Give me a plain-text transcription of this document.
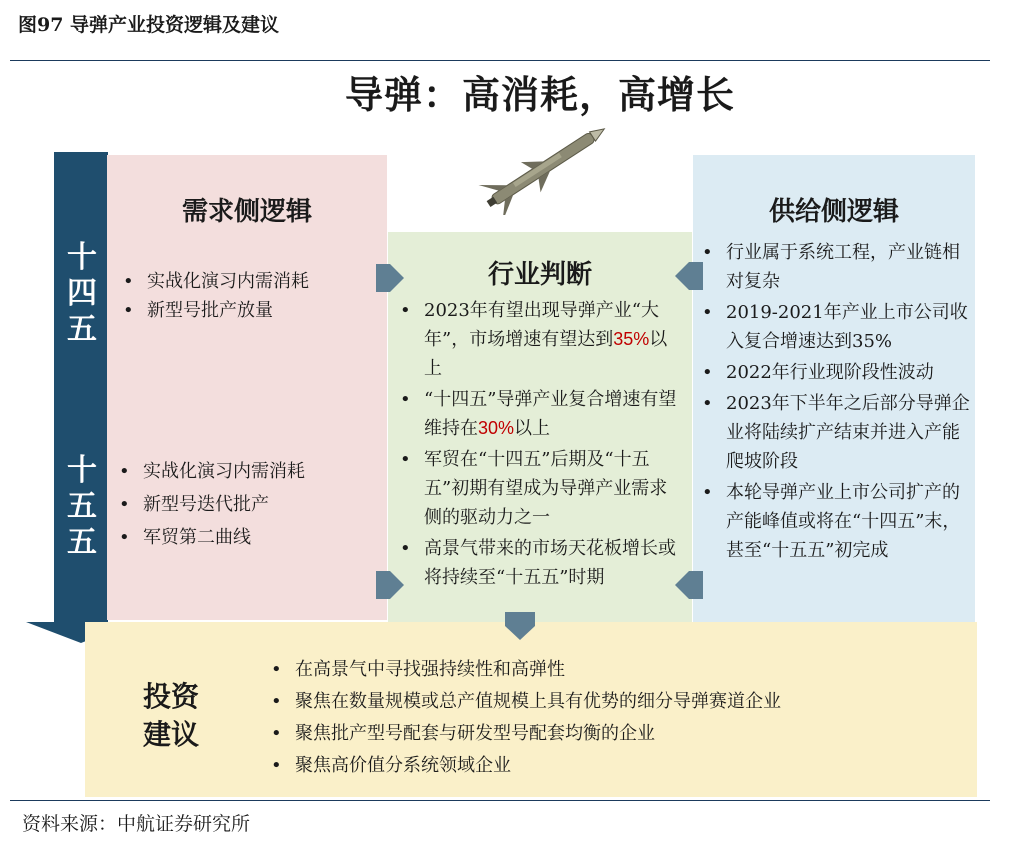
图97 导弹产业投资逻辑及建议
导弹：高消耗，高增长
十
四
五
十
五
五
需求侧逻辑
• 实战化演习内需消耗
• 新型号批产放量
• 实战化演习内需消耗
• 新型号迭代批产
• 军贸第二曲线
供给侧逻辑
• 行业属于系统工程，产业链相对复杂
• 2019-2021年产业上市公司收入复合增速达到35%
• 2022年行业现阶段性波动
• 2023年下半年之后部分导弹企业将陆续扩产结束并进入产能爬坡阶段
• 本轮导弹产业上市公司扩产的产能峰值或将在“十四五”末，甚至“十五五”初完成
行业判断
• 2023年有望出现导弹产业“大年”，市场增速有望达到35%以上
• “十四五”导弹产业复合增速有望维持在30%以上
• 军贸在“十四五”后期及“十五五”初期有望成为导弹产业需求侧的驱动力之一
• 高景气带来的市场天花板增长或将持续至“十五五”时期
投资
建议
• 在高景气中寻找强持续性和高弹性
• 聚焦在数量规模或总产值规模上具有优势的细分导弹赛道企业
• 聚焦批产型号配套与研发型号配套均衡的企业
• 聚焦高价值分系统领域企业
资料来源：中航证券研究所
